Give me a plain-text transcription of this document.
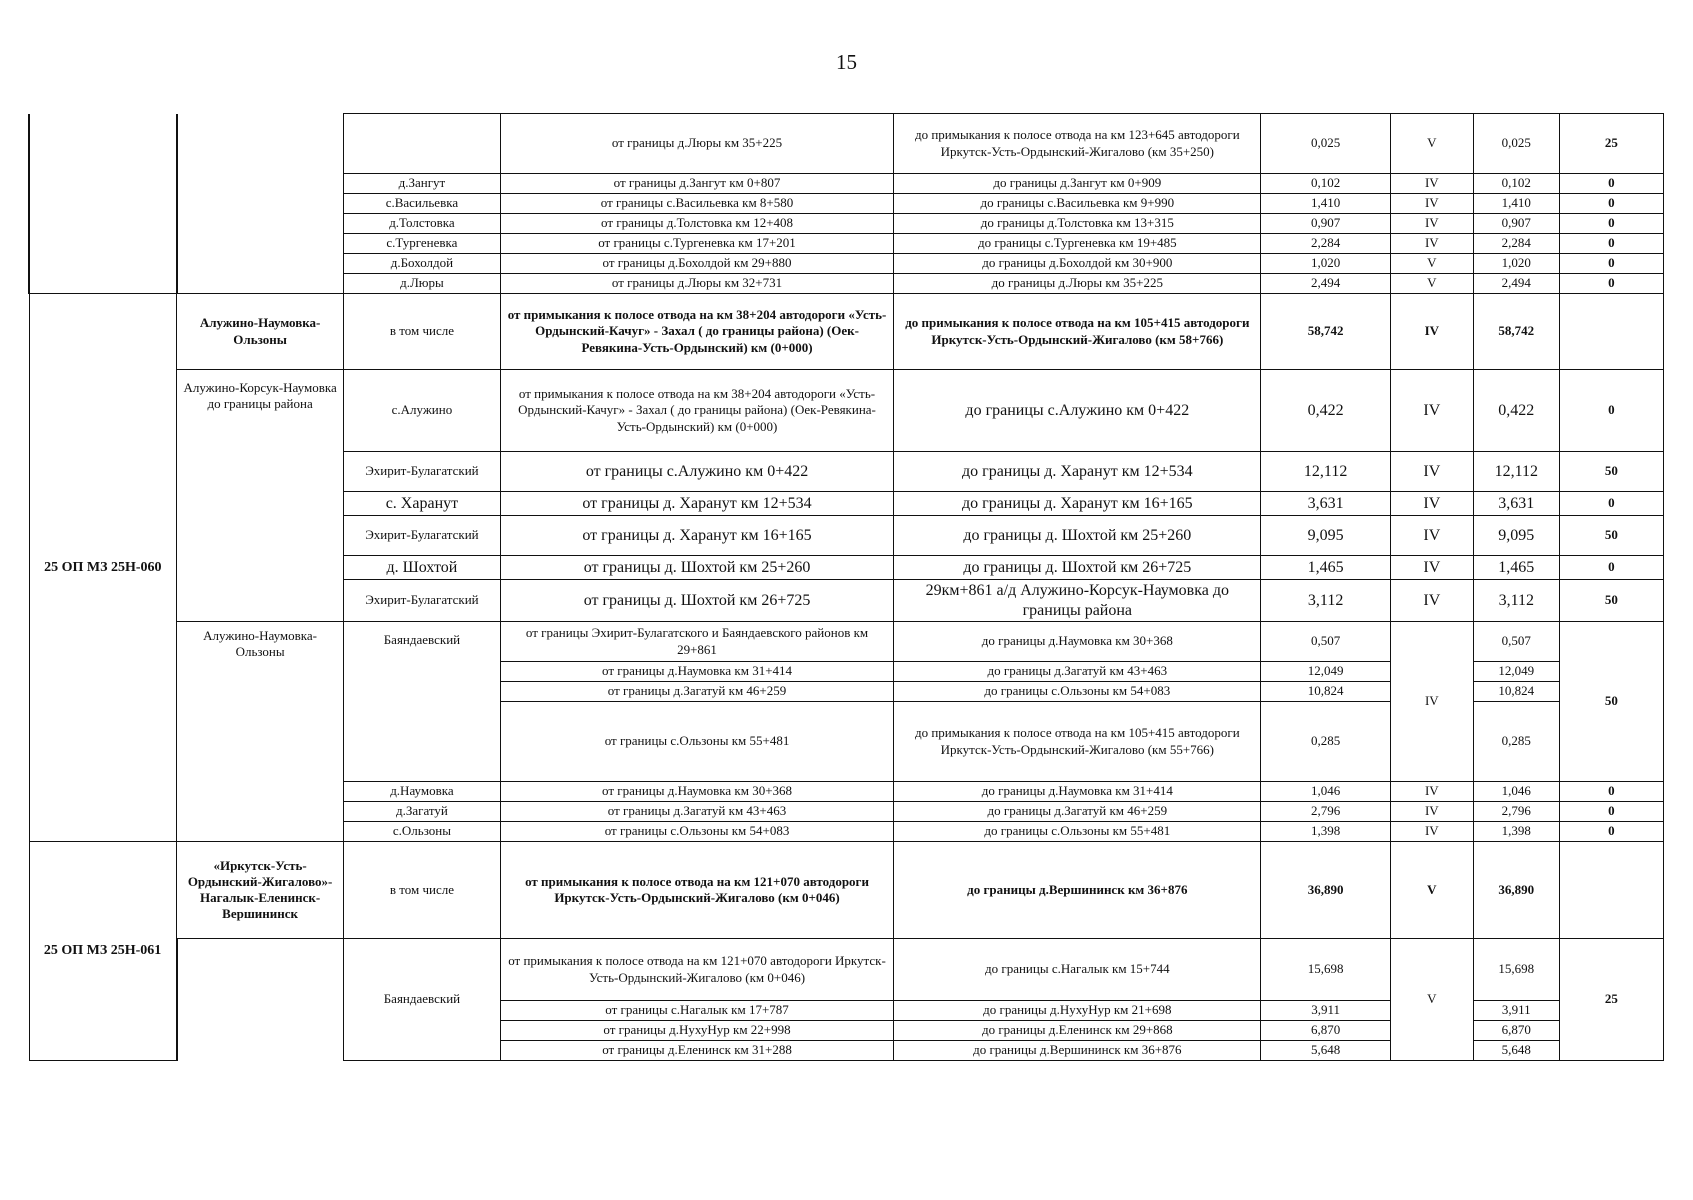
15
			от границы д.Люры км 35+225	до примыкания к полосе отвода на км 123+645 автодороги Иркутск-Усть-Ордынский-Жигалово (км 35+250)	0,025	V	0,025	25
		д.Зангут	от границы д.Зангут км 0+807	до границы д.Зангут км 0+909	0,102	IV	0,102	0
		с.Васильевка	от границы с.Васильевка км 8+580	до границы с.Васильевка км 9+990	1,410	IV	1,410	0
		д.Толстовка	от границы д.Толстовка км 12+408	до границы д.Толстовка км 13+315	0,907	IV	0,907	0
		с.Тургеневка	от границы с.Тургеневка км 17+201	до границы с.Тургеневка км 19+485	2,284	IV	2,284	0
		д.Бохолдой	от границы д.Бохолдой км 29+880	до границы д.Бохолдой км 30+900	1,020	V	1,020	0
		д.Люры	от границы д.Люры км 32+731	до границы д.Люры км 35+225	2,494	V	2,494	0
25 ОП МЗ 25Н-060	Алужино-Наумовка-Ользоны	в том числе	от примыкания к полосе отвода на км 38+204 автодороги «Усть-Ордынский-Качуг» - Захал ( до границы района) (Оек-Ревякина-Усть-Ордынский) км (0+000)	до примыкания к полосе отвода на км 105+415 автодороги Иркутск-Усть-Ордынский-Жигалово (км 58+766)	58,742	IV	58,742	
	Алужино-Корсук-Наумовка до границы района	с.Алужино	от примыкания к полосе отвода на км 38+204 автодороги «Усть-Ордынский-Качуг» - Захал ( до границы района) (Оек-Ревякина-Усть-Ордынский) км (0+000)	до границы с.Алужино км 0+422	0,422	IV	0,422	0
		Эхирит-Булагатский	от границы с.Алужино км 0+422	до границы д. Харанут км 12+534	12,112	IV	12,112	50
		с. Харанут	от границы д. Харанут км 12+534	до границы д. Харанут км 16+165	3,631	IV	3,631	0
		Эхирит-Булагатский	от границы д. Харанут км 16+165	до границы д. Шохтой км 25+260	9,095	IV	9,095	50
		д. Шохтой	от границы д. Шохтой км 25+260	до границы д. Шохтой км 26+725	1,465	IV	1,465	0
		Эхирит-Булагатский	от границы д. Шохтой км 26+725	29км+861 а/д Алужино-Корсук-Наумовка до границы района	3,112	IV	3,112	50
	Алужино-Наумовка-Ользоны	Баяндаевский	от границы Эхирит-Булагатского и Баяндаевского районов км 29+861	до границы д.Наумовка км 30+368	0,507	IV	0,507	50
			от границы д.Наумовка км 31+414	до границы д.Загатуй км 43+463	12,049		12,049	
			от границы д.Загатуй км 46+259	до границы с.Ользоны км 54+083	10,824		10,824	
			от границы с.Ользоны км 55+481	до примыкания к полосе отвода на км 105+415 автодороги Иркутск-Усть-Ордынский-Жигалово (км 55+766)	0,285		0,285	
		д.Наумовка	от границы д.Наумовка км 30+368	до границы д.Наумовка км 31+414	1,046	IV	1,046	0
		д.Загатуй	от границы д.Загатуй км 43+463	до границы д.Загатуй км 46+259	2,796	IV	2,796	0
		с.Ользоны	от границы с.Ользоны км 54+083	до границы с.Ользоны км 55+481	1,398	IV	1,398	0
25 ОП МЗ 25Н-061	«Иркутск-Усть-Ордынский-Жигалово»-Нагалык-Еленинск-Вершининск	в том числе	от примыкания к полосе отвода на км 121+070 автодороги Иркутск-Усть-Ордынский-Жигалово (км 0+046)	до границы д.Вершининск км 36+876	36,890	V	36,890	
		Баяндаевский	от примыкания к полосе отвода на км 121+070 автодороги Иркутск-Усть-Ордынский-Жигалово (км 0+046)	до границы с.Нагалык км 15+744	15,698	V	15,698	25
			от границы с.Нагалык км 17+787	до границы д.НухуНур км 21+698	3,911		3,911	
			от границы д.НухуНур км 22+998	до границы д.Еленинск км 29+868	6,870		6,870	
			от границы д.Еленинск км 31+288	до границы д.Вершининск км 36+876	5,648		5,648	
